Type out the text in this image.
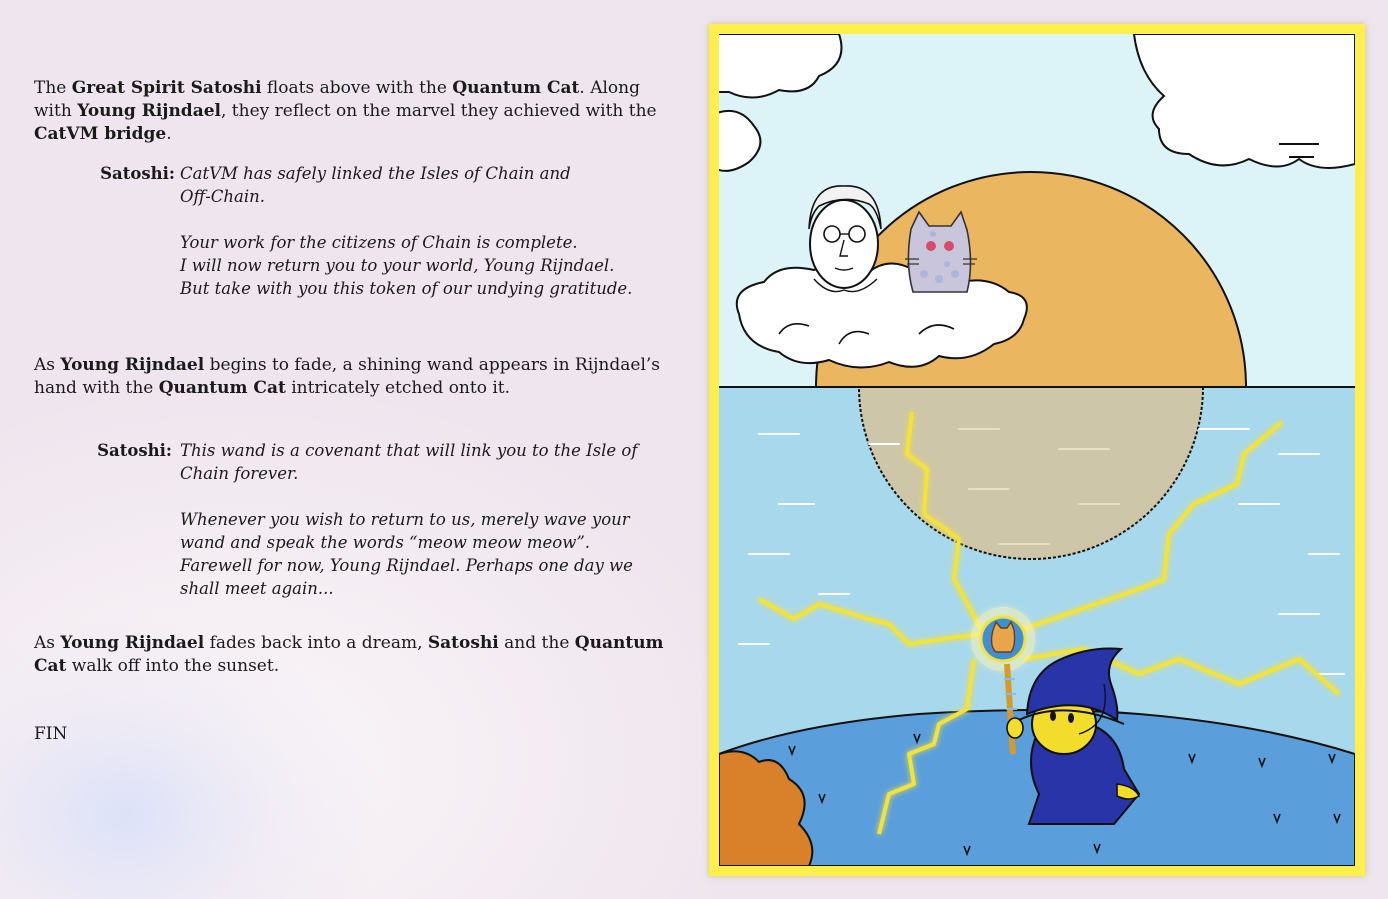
The Great Spirit Satoshi floats above with the Quantum Cat. Along with Young Rijndael, they reflect on the marvel they achieved with the CatVM bridge.

Satoshi: CatVM has safely linked the Isles of Chain and
Off-Chain.
Your work for the citizens of Chain is complete.
I will now return you to your world, Young Rijndael.
But take with you this token of our undying gratitude.

As Young Rijndael begins to fade, a shining wand appears in Rijndael’s hand with the Quantum Cat intricately etched onto it.

Satoshi: This wand is a covenant that will link you to the Isle of
Chain forever.
Whenever you wish to return to us, merely wave your
wand and speak the words “meow meow meow”.
Farewell for now, Young Rijndael. Perhaps one day we
shall meet again...

As Young Rijndael fades back into a dream, Satoshi and the Quantum Cat walk off into the sunset.

FIN
